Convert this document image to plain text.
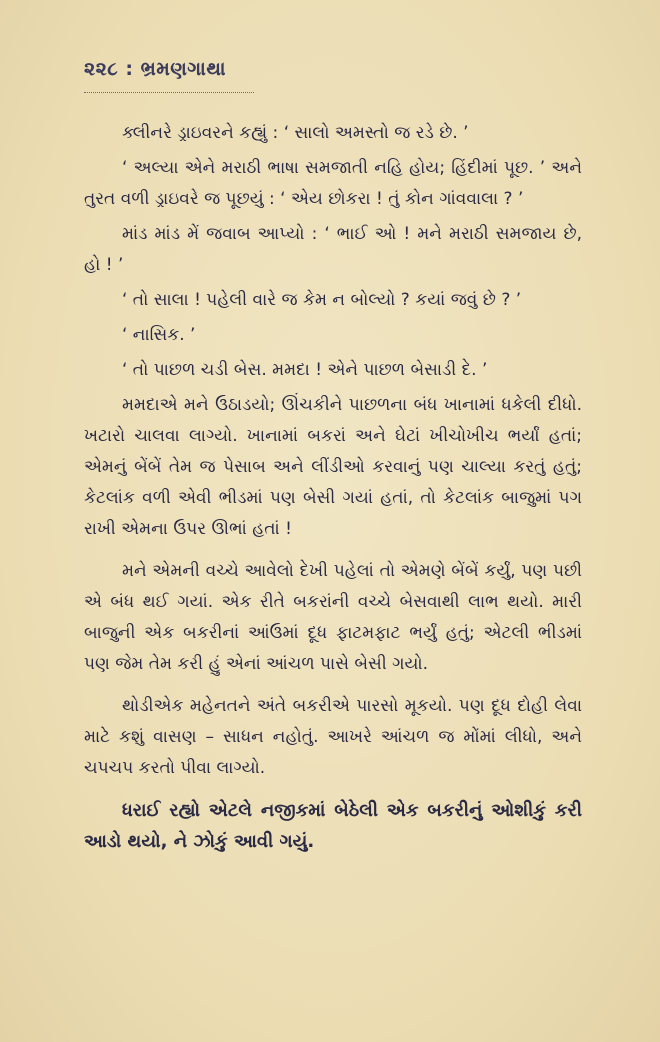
૨૨૮ : ભ્રમણગાથા

ક્લીનરે ડ્રાઇવરને કહ્યું : ‘ સાલો અમસ્તો જ રડે છે. ’

‘ અલ્યા એને મરાઠી ભાષા સમજાતી નહિ હોય; હિંદીમાં પૂછ. ’ અને તુરત વળી ડ્રાઇવરે જ પૂછયું : ‘ એય છોકરા ! તું કોન ગાંવવાલા ? ’

માંડ માંડ મેં જવાબ આપ્યો : ‘ ભાઈ ઓ ! મને મરાઠી સમજાય છે, હો ! ’

‘ તો સાલા ! પહેલી વારે જ કેમ ન બોલ્યો ? કયાં જવું છે ? ’

‘ નાસિક. ’

‘ તો પાછળ ચડી બેસ. મમદા ! એને પાછળ બેસાડી દે. ’

મમદાએ મને ઉઠાડયો; ઊંચકીને પાછળના બંધ ખાનામાં ધકેલી દીધો. ખટારો ચાલવા લાગ્યો. ખાનામાં બકરાં અને ઘેટાં ખીચોખીચ ભર્યાં હતાં; એમનું બેંબેં તેમ જ પેસાબ અને લીંડીઓ કરવાનું પણ ચાલ્યા કરતું હતું; કેટલાંક વળી એવી ભીડમાં પણ બેસી ગયાં હતાં, તો કેટલાંક બાજુમાં પગ રાખી એમના ઉપર ઊભાં હતાં !

મને એમની વચ્ચે આવેલો દેખી પહેલાં તો એમણે બેંબેં કર્યું, પણ પછી એ બંધ થઈ ગયાં. એક રીતે બકરાંની વચ્ચે બેસવાથી લાભ થયો. મારી બાજુની એક બકરીનાં આંઉમાં દૂધ ફાટમફાટ ભર્યું હતું; એટલી ભીડમાં પણ જેમ તેમ કરી હું એનાં આંચળ પાસે બેસી ગયો.

થોડીએક મહેનતને અંતે બકરીએ પારસો મૂકયો. પણ દૂધ દોહી લેવા માટે કશું વાસણ – સાધન નહોતું. આખરે આંચળ જ મોંમાં લીધો, અને ચપચપ કરતો પીવા લાગ્યો.

ધરાઈ રહ્યો એટલે નજીકમાં બેઠેલી એક બકરીનું ઓશીકું કરી આડો થયો, ને ઝોકું આવી ગયું.
